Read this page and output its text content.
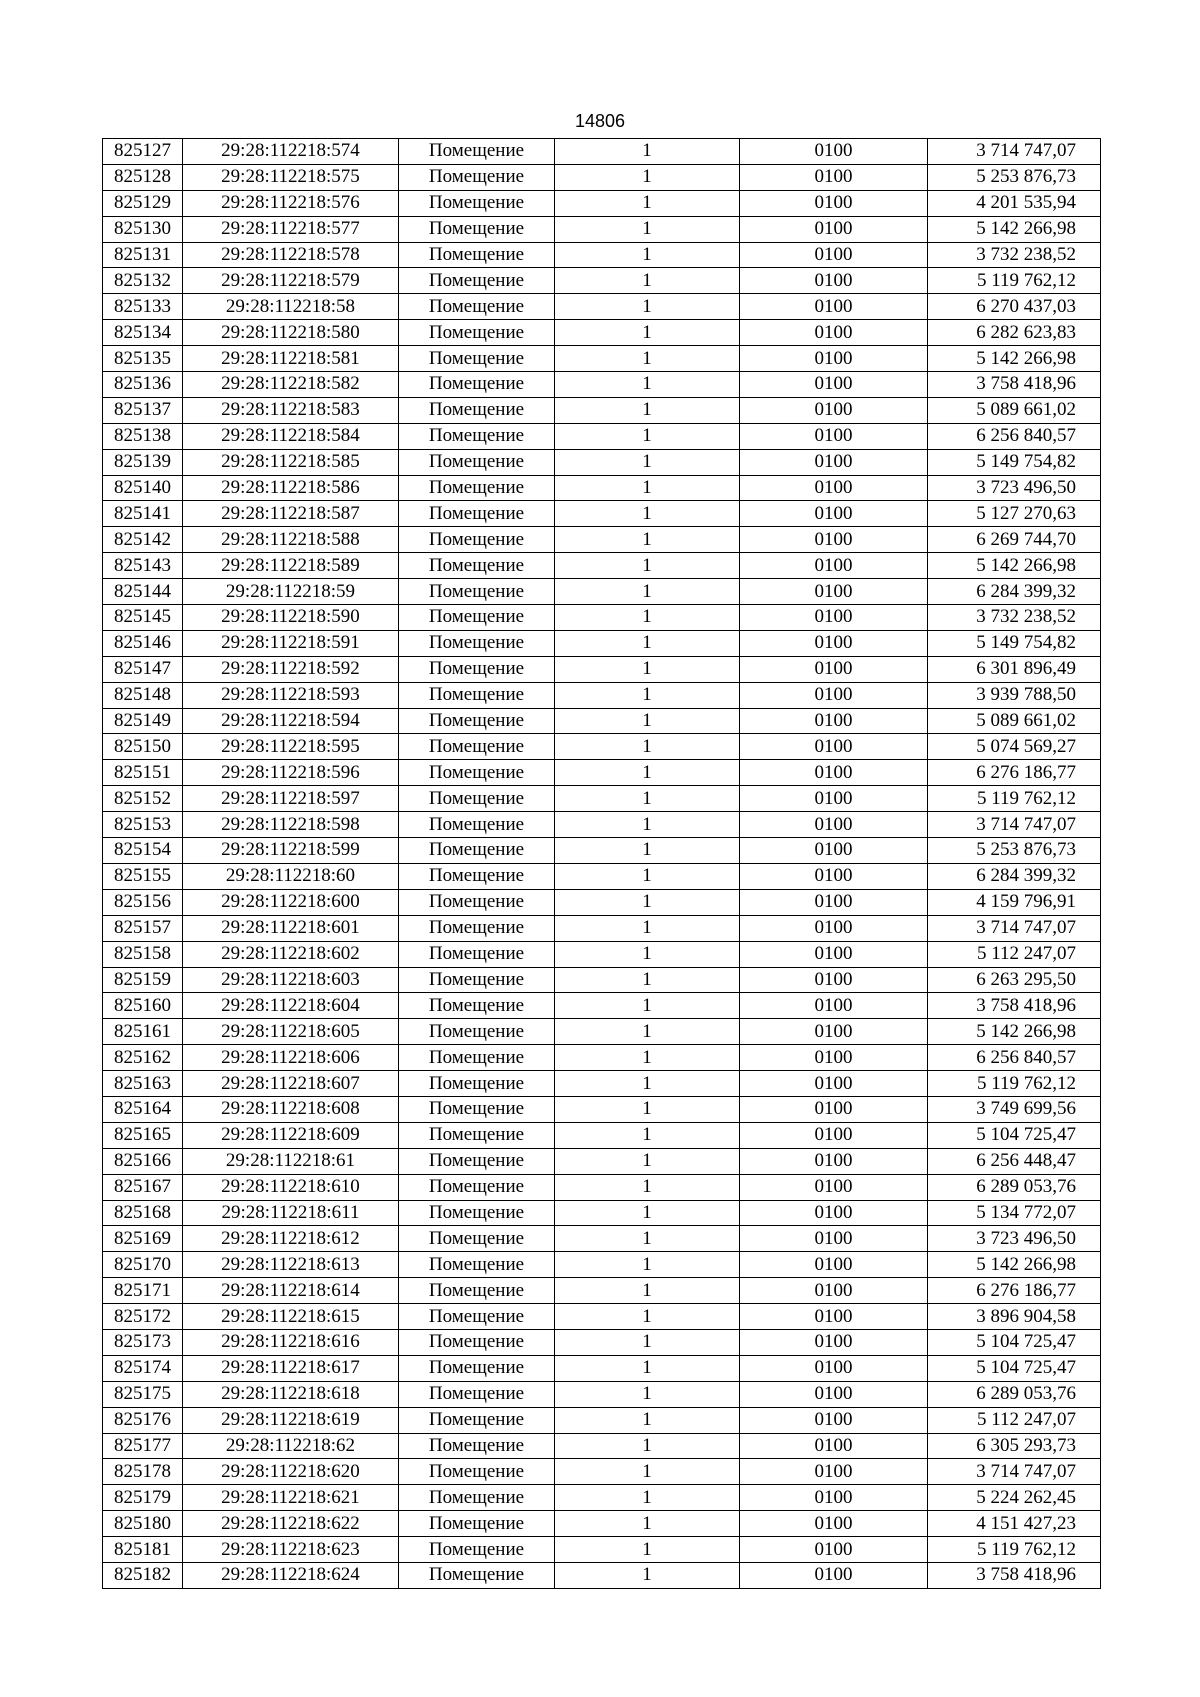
14806
825127	29:28:112218:574	Помещение	1	0100	3 714 747,07
825128	29:28:112218:575	Помещение	1	0100	5 253 876,73
825129	29:28:112218:576	Помещение	1	0100	4 201 535,94
825130	29:28:112218:577	Помещение	1	0100	5 142 266,98
825131	29:28:112218:578	Помещение	1	0100	3 732 238,52
825132	29:28:112218:579	Помещение	1	0100	5 119 762,12
825133	29:28:112218:58	Помещение	1	0100	6 270 437,03
825134	29:28:112218:580	Помещение	1	0100	6 282 623,83
825135	29:28:112218:581	Помещение	1	0100	5 142 266,98
825136	29:28:112218:582	Помещение	1	0100	3 758 418,96
825137	29:28:112218:583	Помещение	1	0100	5 089 661,02
825138	29:28:112218:584	Помещение	1	0100	6 256 840,57
825139	29:28:112218:585	Помещение	1	0100	5 149 754,82
825140	29:28:112218:586	Помещение	1	0100	3 723 496,50
825141	29:28:112218:587	Помещение	1	0100	5 127 270,63
825142	29:28:112218:588	Помещение	1	0100	6 269 744,70
825143	29:28:112218:589	Помещение	1	0100	5 142 266,98
825144	29:28:112218:59	Помещение	1	0100	6 284 399,32
825145	29:28:112218:590	Помещение	1	0100	3 732 238,52
825146	29:28:112218:591	Помещение	1	0100	5 149 754,82
825147	29:28:112218:592	Помещение	1	0100	6 301 896,49
825148	29:28:112218:593	Помещение	1	0100	3 939 788,50
825149	29:28:112218:594	Помещение	1	0100	5 089 661,02
825150	29:28:112218:595	Помещение	1	0100	5 074 569,27
825151	29:28:112218:596	Помещение	1	0100	6 276 186,77
825152	29:28:112218:597	Помещение	1	0100	5 119 762,12
825153	29:28:112218:598	Помещение	1	0100	3 714 747,07
825154	29:28:112218:599	Помещение	1	0100	5 253 876,73
825155	29:28:112218:60	Помещение	1	0100	6 284 399,32
825156	29:28:112218:600	Помещение	1	0100	4 159 796,91
825157	29:28:112218:601	Помещение	1	0100	3 714 747,07
825158	29:28:112218:602	Помещение	1	0100	5 112 247,07
825159	29:28:112218:603	Помещение	1	0100	6 263 295,50
825160	29:28:112218:604	Помещение	1	0100	3 758 418,96
825161	29:28:112218:605	Помещение	1	0100	5 142 266,98
825162	29:28:112218:606	Помещение	1	0100	6 256 840,57
825163	29:28:112218:607	Помещение	1	0100	5 119 762,12
825164	29:28:112218:608	Помещение	1	0100	3 749 699,56
825165	29:28:112218:609	Помещение	1	0100	5 104 725,47
825166	29:28:112218:61	Помещение	1	0100	6 256 448,47
825167	29:28:112218:610	Помещение	1	0100	6 289 053,76
825168	29:28:112218:611	Помещение	1	0100	5 134 772,07
825169	29:28:112218:612	Помещение	1	0100	3 723 496,50
825170	29:28:112218:613	Помещение	1	0100	5 142 266,98
825171	29:28:112218:614	Помещение	1	0100	6 276 186,77
825172	29:28:112218:615	Помещение	1	0100	3 896 904,58
825173	29:28:112218:616	Помещение	1	0100	5 104 725,47
825174	29:28:112218:617	Помещение	1	0100	5 104 725,47
825175	29:28:112218:618	Помещение	1	0100	6 289 053,76
825176	29:28:112218:619	Помещение	1	0100	5 112 247,07
825177	29:28:112218:62	Помещение	1	0100	6 305 293,73
825178	29:28:112218:620	Помещение	1	0100	3 714 747,07
825179	29:28:112218:621	Помещение	1	0100	5 224 262,45
825180	29:28:112218:622	Помещение	1	0100	4 151 427,23
825181	29:28:112218:623	Помещение	1	0100	5 119 762,12
825182	29:28:112218:624	Помещение	1	0100	3 758 418,96
